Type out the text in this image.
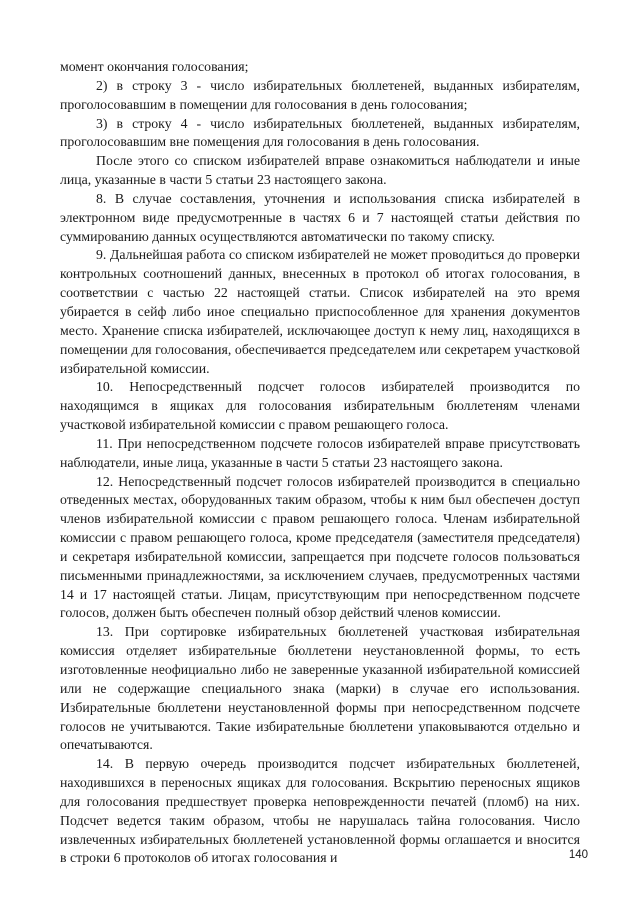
момент окончания голосования;

2) в строку 3 - число избирательных бюллетеней, выданных избирателям, проголосовавшим в помещении для голосования в день голосования;

3) в строку 4 - число избирательных бюллетеней, выданных избирателям, проголосовавшим вне помещения для голосования в день голосования.

После этого со списком избирателей вправе ознакомиться наблюдатели и иные лица, указанные в части 5 статьи 23 настоящего закона.

8. В случае составления, уточнения и использования списка избирателей в электронном виде предусмотренные в частях 6 и 7 настоящей статьи действия по суммированию данных осуществляются автоматически по такому списку.

9. Дальнейшая работа со списком избирателей не может проводиться до проверки контрольных соотношений данных, внесенных в протокол об итогах голосования, в соответствии с частью 22 настоящей статьи. Список избирателей на это время убирается в сейф либо иное специально приспособленное для хранения документов место. Хранение списка избирателей, исключающее доступ к нему лиц, находящихся в помещении для голосования, обеспечивается председателем или секретарем участковой избирательной комиссии.

10. Непосредственный подсчет голосов избирателей производится по находящимся в ящиках для голосования избирательным бюллетеням членами участковой избирательной комиссии с правом решающего голоса.

11. При непосредственном подсчете голосов избирателей вправе присутствовать наблюдатели, иные лица, указанные в части 5 статьи 23 настоящего закона.

12. Непосредственный подсчет голосов избирателей производится в специально отведенных местах, оборудованных таким образом, чтобы к ним был обеспечен доступ членов избирательной комиссии с правом решающего голоса. Членам избирательной комиссии с правом решающего голоса, кроме председателя (заместителя председателя) и секретаря избирательной комиссии, запрещается при подсчете голосов пользоваться письменными принадлежностями, за исключением случаев, предусмотренных частями 14 и 17 настоящей статьи. Лицам, присутствующим при непосредственном подсчете голосов, должен быть обеспечен полный обзор действий членов комиссии.

13. При сортировке избирательных бюллетеней участковая избирательная комиссия отделяет избирательные бюллетени неустановленной формы, то есть изготовленные неофициально либо не заверенные указанной избирательной комиссией или не содержащие специального знака (марки) в случае его использования. Избирательные бюллетени неустановленной формы при непосредственном подсчете голосов не учитываются. Такие избирательные бюллетени упаковываются отдельно и опечатываются.

14. В первую очередь производится подсчет избирательных бюллетеней, находившихся в переносных ящиках для голосования. Вскрытию переносных ящиков для голосования предшествует проверка неповрежденности печатей (пломб) на них. Подсчет ведется таким образом, чтобы не нарушалась тайна голосования. Число извлеченных избирательных бюллетеней установленной формы оглашается и вносится в строки 6 протоколов об итогах голосования и	140
